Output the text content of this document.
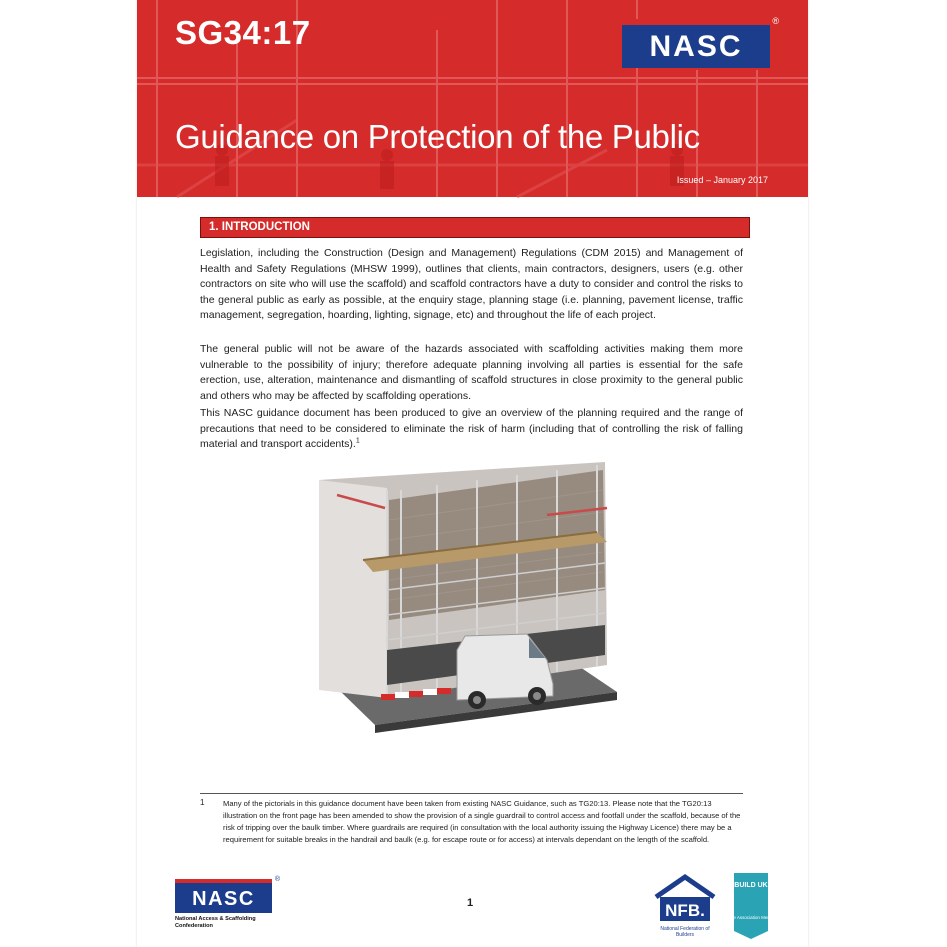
SG34:17	NASC
®
Guidance on Protection of the Public
Issued – January 2017
1. INTRODUCTION

Legislation, including the Construction (Design and Management) Regulations (CDM 2015) and Management of Health and Safety Regulations (MHSW 1999), outlines that clients, main contractors, designers, users (e.g. other contractors on site who will use the scaffold) and scaffold contractors have a duty to consider and control the risks to the general public as early as possible, at the enquiry stage, planning stage (i.e. planning, pavement license, traffic management, segregation, hoarding, lighting, signage, etc) and throughout the life of each project.

The general public will not be aware of the hazards associated with scaffolding activities making them more vulnerable to the possibility of injury; therefore adequate planning involving all parties is essential for the safe erection, use, alteration, maintenance and dismantling of scaffold structures in close proximity to the general public and others who may be affected by scaffolding operations.

This NASC guidance document has been produced to give an overview of the planning required and the range of precautions that need to be considered to eliminate the risk of harm (including that of controlling the risk of falling material and transport accidents).$^1$

1 Many of the pictorials in this guidance document have been taken from existing NASC Guidance, such as TG20:13. Please note that the TG20:13 illustration on the front page has been amended to show the provision of a single guardrail to control access and footfall under the scaffold, because of the risk of tripping over the baulk timber. Where guardrails are required (in consultation with the local authority issuing the Highway Licence) there may be a requirement for suitable breaks in the handrail and baulk (e.g. for escape route or for access) at intervals dependant on the length of the scaffold.

NASC
®
National Access & Scaffolding Confederation
1	NFB.
National Federation of Builders
BUILD UK
Trade Association Member
